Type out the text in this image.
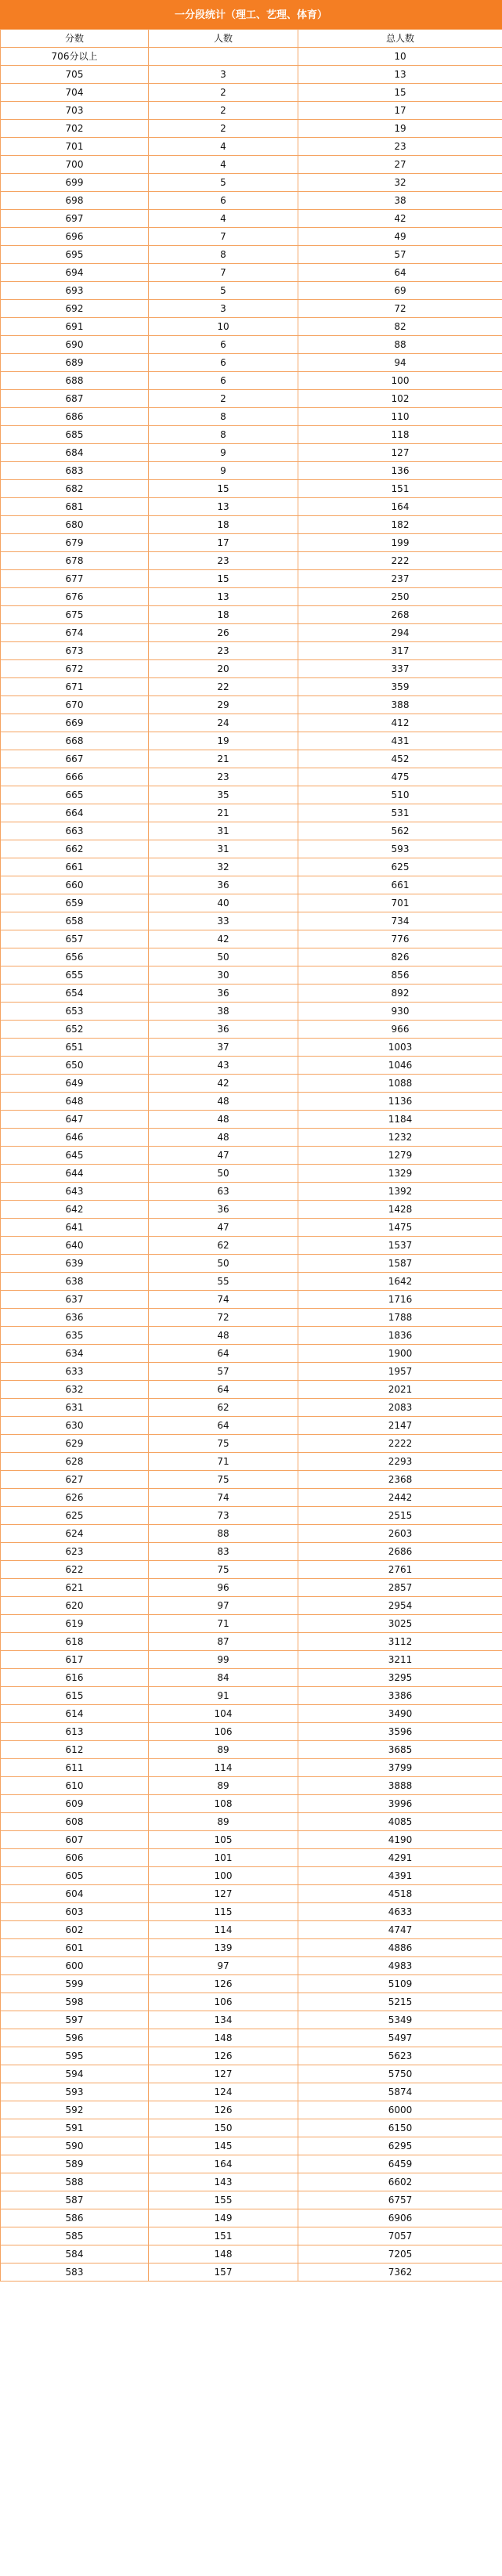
一分段统计（理工、艺理、体育）
分数	人数	总人数
706分以上		10
705	3	13
704	2	15
703	2	17
702	2	19
701	4	23
700	4	27
699	5	32
698	6	38
697	4	42
696	7	49
695	8	57
694	7	64
693	5	69
692	3	72
691	10	82
690	6	88
689	6	94
688	6	100
687	2	102
686	8	110
685	8	118
684	9	127
683	9	136
682	15	151
681	13	164
680	18	182
679	17	199
678	23	222
677	15	237
676	13	250
675	18	268
674	26	294
673	23	317
672	20	337
671	22	359
670	29	388
669	24	412
668	19	431
667	21	452
666	23	475
665	35	510
664	21	531
663	31	562
662	31	593
661	32	625
660	36	661
659	40	701
658	33	734
657	42	776
656	50	826
655	30	856
654	36	892
653	38	930
652	36	966
651	37	1003
650	43	1046
649	42	1088
648	48	1136
647	48	1184
646	48	1232
645	47	1279
644	50	1329
643	63	1392
642	36	1428
641	47	1475
640	62	1537
639	50	1587
638	55	1642
637	74	1716
636	72	1788
635	48	1836
634	64	1900
633	57	1957
632	64	2021
631	62	2083
630	64	2147
629	75	2222
628	71	2293
627	75	2368
626	74	2442
625	73	2515
624	88	2603
623	83	2686
622	75	2761
621	96	2857
620	97	2954
619	71	3025
618	87	3112
617	99	3211
616	84	3295
615	91	3386
614	104	3490
613	106	3596
612	89	3685
611	114	3799
610	89	3888
609	108	3996
608	89	4085
607	105	4190
606	101	4291
605	100	4391
604	127	4518
603	115	4633
602	114	4747
601	139	4886
600	97	4983
599	126	5109
598	106	5215
597	134	5349
596	148	5497
595	126	5623
594	127	5750
593	124	5874
592	126	6000
591	150	6150
590	145	6295
589	164	6459
588	143	6602
587	155	6757
586	149	6906
585	151	7057
584	148	7205
583	157	7362
